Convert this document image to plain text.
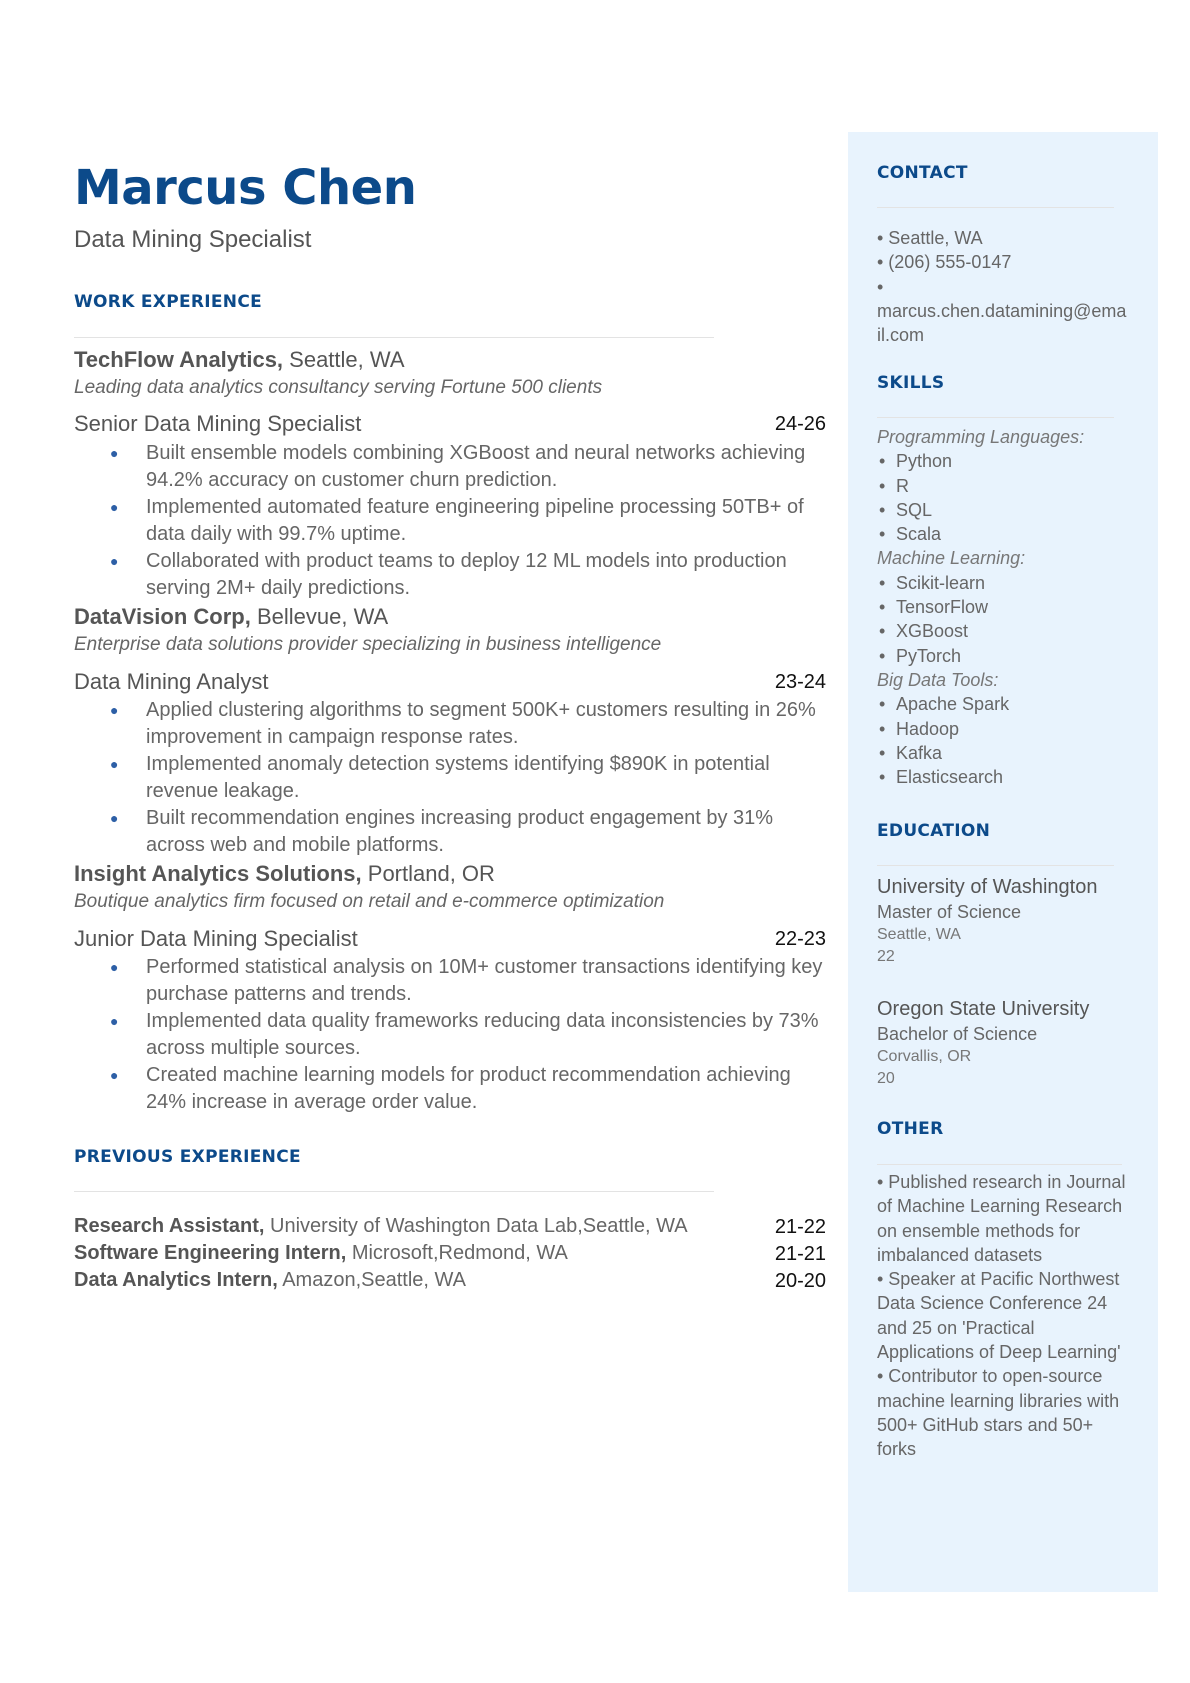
Marcus Chen
Data Mining Specialist
WORK EXPERIENCE
TechFlow Analytics, Seattle, WA
Leading data analytics consultancy serving Fortune 500 clients
Senior Data Mining Specialist	24-26
● Built ensemble models combining XGBoost and neural networks achieving 94.2% accuracy on customer churn prediction.
● Implemented automated feature engineering pipeline processing 50TB+ of data daily with 99.7% uptime.
● Collaborated with product teams to deploy 12 ML models into production serving 2M+ daily predictions.
DataVision Corp, Bellevue, WA
Enterprise data solutions provider specializing in business intelligence
Data Mining Analyst	23-24
● Applied clustering algorithms to segment 500K+ customers resulting in 26% improvement in campaign response rates.
● Implemented anomaly detection systems identifying $890K in potential revenue leakage.
● Built recommendation engines increasing product engagement by 31% across web and mobile platforms.
Insight Analytics Solutions, Portland, OR
Boutique analytics firm focused on retail and e-commerce optimization
Junior Data Mining Specialist	22-23
● Performed statistical analysis on 10M+ customer transactions identifying key purchase patterns and trends.
● Implemented data quality frameworks reducing data inconsistencies by 73% across multiple sources.
● Created machine learning models for product recommendation achieving 24% increase in average order value.
PREVIOUS EXPERIENCE
Research Assistant, University of Washington Data Lab,Seattle, WA	21-22
Software Engineering Intern, Microsoft,Redmond, WA	21-21
Data Analytics Intern, Amazon,Seattle, WA	20-20
CONTACT
• Seattle, WA
• (206) 555-0147
•
marcus.chen.datamining@ema
il.com
SKILLS
Programming Languages:
• Python
• R
• SQL
• Scala
Machine Learning:
• Scikit-learn
• TensorFlow
• XGBoost
• PyTorch
Big Data Tools:
• Apache Spark
• Hadoop
• Kafka
• Elasticsearch
EDUCATION
University of Washington
Master of Science
Seattle, WA
22
Oregon State University
Bachelor of Science
Corvallis, OR
20
OTHER
• Published research in Journal
of Machine Learning Research
on ensemble methods for
imbalanced datasets
• Speaker at Pacific Northwest
Data Science Conference 24
and 25 on 'Practical
Applications of Deep Learning'
• Contributor to open-source
machine learning libraries with
500+ GitHub stars and 50+
forks
